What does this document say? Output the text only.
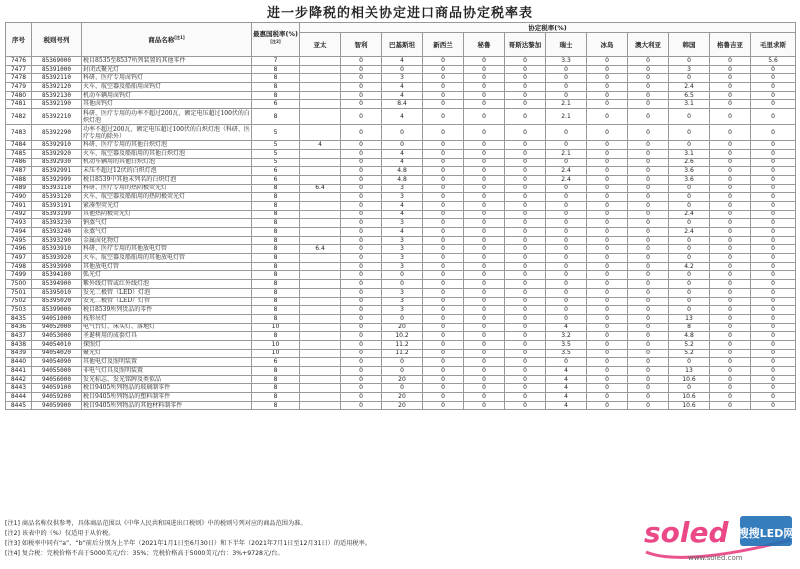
进一步降税的相关协定进口商品协定税率表
序号	税则号列	商品名称[注1]	最惠国税率(%)[注2]	协定税率(%)											
				亚太	智利	巴基斯坦	新西兰	秘鲁	哥斯达黎加	瑞士	冰岛	澳大利亚	韩国	格鲁吉亚	毛里求斯
7476	85369000	税目8535至8537所列装置的其他零件	7		0	4	0	0	0	3.3	0	0	0	0	5.6
7477	85391000	封闭式聚光灯	8		0	0	0	0	0	0	0	0	3	0	0
7478	85392110	科研、医疗专用卤钨灯	8		0	3	0	0	0	0	0	0	0	0	0
7479	85392120	火车、航空器及船舶用卤钨灯	8		0	4	0	0	0	0	0	0	2.4	0	0
7480	85392130	机动车辆用卤钨灯	8		0	4	0	0	0	0	0	0	6.5	0	0
7481	85392190	其他卤钨灯	6		0	8.4	0	0	0	2.1	0	0	3.1	0	0
7482	85392210	科研、医疗专用的功率不超过200瓦、额定电压超过100伏的白炽灯泡	8		0	4	0	0	0	2.1	0	0	0	0	0
7483	85392290	功率不超过200瓦、额定电压超过100伏的白炽灯泡（科研、医疗专用的除外）	5		0	0	0	0	0	0	0	0	0	0	0
7484	85392910	科研、医疗专用的其他白炽灯泡	5	4	0	0	0	0	0	0	0	0	0	0	0
7485	85392920	火车、航空器及船舶用的其他白炽灯泡	5		0	4	0	0	0	2.1	0	0	3.1	0	0
7486	85392930	机动车辆用的其他白炽灯泡	5		0	4	0	0	0	0	0	0	2.6	0	0
7487	85392991	未压不超过12伏的白炽灯泡	6		0	4.8	0	0	0	2.4	0	0	3.6	0	0
7488	85392999	税目8539中其他未列名的白炽灯泡	6		0	4.8	0	0	0	2.4	0	0	3.6	0	0
7489	85393110	科研、医疗专用的热阴极荧光灯	8	6.4	0	3	0	0	0	0	0	0	0	0	0
7490	85393120	火车、航空器及船舶用的热阴极荧光灯	8		0	3	0	0	0	0	0	0	0	0	0
7491	85393191	紧凑型荧光灯	8		0	4	0	0	0	0	0	0	0	0	0
7492	85393199	其他热阴极荧光灯	8		0	4	0	0	0	0	0	0	2.4	0	0
7493	85393230	钠蒸气灯	8		0	3	0	0	0	0	0	0	0	0	0
7494	85393240	汞蒸气灯	8		0	4	0	0	0	0	0	0	2.4	0	0
7495	85393290	金属卤化物灯	8		0	3	0	0	0	0	0	0	0	0	0
7496	85393910	科研、医疗专用的其他放电灯管	8	6.4	0	3	0	0	0	0	0	0	0	0	0
7497	85393920	火车、航空器及船舶用的其他放电灯管	8		0	3	0	0	0	0	0	0	0	0	0
7498	85393990	其他放电灯管	8		0	3	0	0	0	0	0	0	4.2	0	0
7499	85394100	弧光灯	8		0	0	0	0	0	0	0	0	0	0	0
7500	85394900	紫外线灯管或红外线灯泡	8		0	0	0	0	0	0	0	0	0	0	0
7501	85395010	发光二极管（LED）灯泡	8		0	3	0	0	0	0	0	0	0	0	0
7502	85395020	发光二极管（LED）灯管	8		0	3	0	0	0	0	0	0	0	0	0
7503	85399000	税目8539所列货品的零件	8		0	3	0	0	0	0	0	0	0	0	0
8435	94051000	枝形吊灯	8		0	0	0	0	0	0	0	0	13	0	0
8436	94052000	电气台灯、床头灯、落地灯	10		0	20	0	0	0	4	0	0	8	0	0
8437	94053000	圣诞树用的成套灯具	8		0	10.2	0	0	0	3.2	0	0	4.8	0	0
8438	94054010	探照灯	10		0	11.2	0	0	0	3.5	0	0	5.2	0	0
8439	94054020	聚光灯	10		0	11.2	0	0	0	3.5	0	0	5.2	0	0
8440	94054090	其他电灯及照明装置	6		0	0	0	0	0	0	0	0	0	0	0
8441	94055000	非电气灯具及照明装置	8		0	0	0	0	0	4	0	0	13	0	0
8442	94056000	发光标志、发光铭牌及类似品	8		0	20	0	0	0	4	0	0	10.6	0	0
8443	94059100	税目9405所列物品的玻璃制零件	8		0	0	0	0	0	4	0	0	0	0	0
8444	94059200	税目9405所列物品的塑料制零件	8		0	20	0	0	0	4	0	0	10.6	0	0
8445	94059900	税目9405所列物品的其他材料制零件	8		0	20	0	0	0	4	0	0	10.6	0	0
[注1] 商品名称仅供参考，具体商品范围以《中华人民共和国进出口税则》中的税则号列对应的商品范围为准。
[注2] 该表中的（%）仅适用于从价税。
[注3] 如税率中同有“a”、“b”前后分别为上半年（2021年1月1日至6月30日）和下半年（2021年7月1日至12月31日）的适用税率。
[注4] 复合税：完税价格不高于5000美元/台：35%；完税价格高于5000美元/台：3%+9728元/台。
soled 搜搜LED网
www.soled.com
